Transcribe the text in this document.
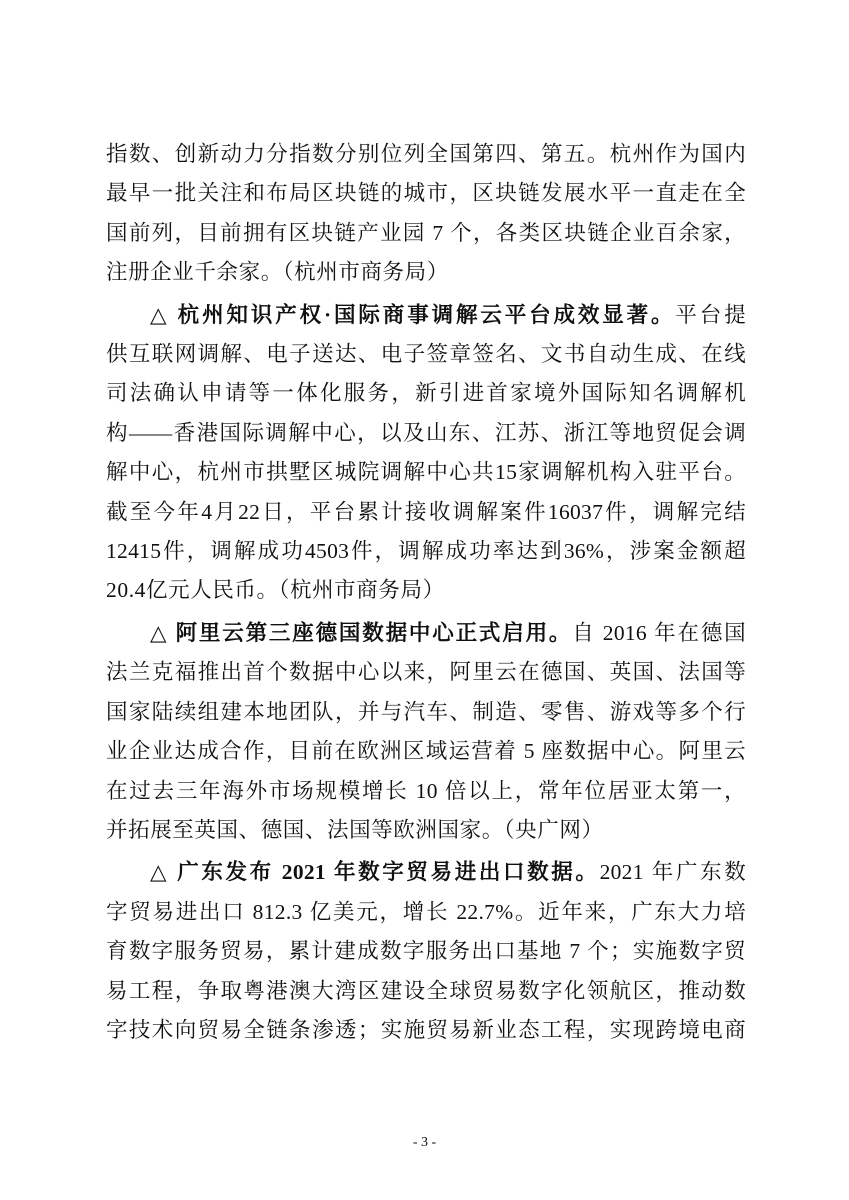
指数、创新动力分指数分别位列全国第四、第五。杭州作为国内
最早一批关注和布局区块链的城市，区块链发展水平一直走在全
国前列，目前拥有区块链产业园 7 个，各类区块链企业百余家，
注册企业千余家。（杭州市商务局）
△ 杭州知识产权·国际商事调解云平台成效显著。平台提
供互联网调解、电子送达、电子签章签名、文书自动生成、在线
司法确认申请等一体化服务，新引进首家境外国际知名调解机
构——香港国际调解中心，以及山东、江苏、浙江等地贸促会调
解中心，杭州市拱墅区城院调解中心共15家调解机构入驻平台。
截至今年4月22日，平台累计接收调解案件16037件，调解完结
12415件，调解成功4503件，调解成功率达到36%，涉案金额超
20.4亿元人民币。（杭州市商务局）
△ 阿里云第三座德国数据中心正式启用。自 2016 年在德国
法兰克福推出首个数据中心以来，阿里云在德国、英国、法国等
国家陆续组建本地团队，并与汽车、制造、零售、游戏等多个行
业企业达成合作，目前在欧洲区域运营着 5 座数据中心。阿里云
在过去三年海外市场规模增长 10 倍以上，常年位居亚太第一，
并拓展至英国、德国、法国等欧洲国家。（央广网）
△ 广东发布 2021 年数字贸易进出口数据。2021 年广东数
字贸易进出口 812.3 亿美元，增长 22.7%。近年来，广东大力培
育数字服务贸易，累计建成数字服务出口基地 7 个；实施数字贸
易工程，争取粤港澳大湾区建设全球贸易数字化领航区，推动数
字技术向贸易全链条渗透；实施贸易新业态工程，实现跨境电商
- 3 -
